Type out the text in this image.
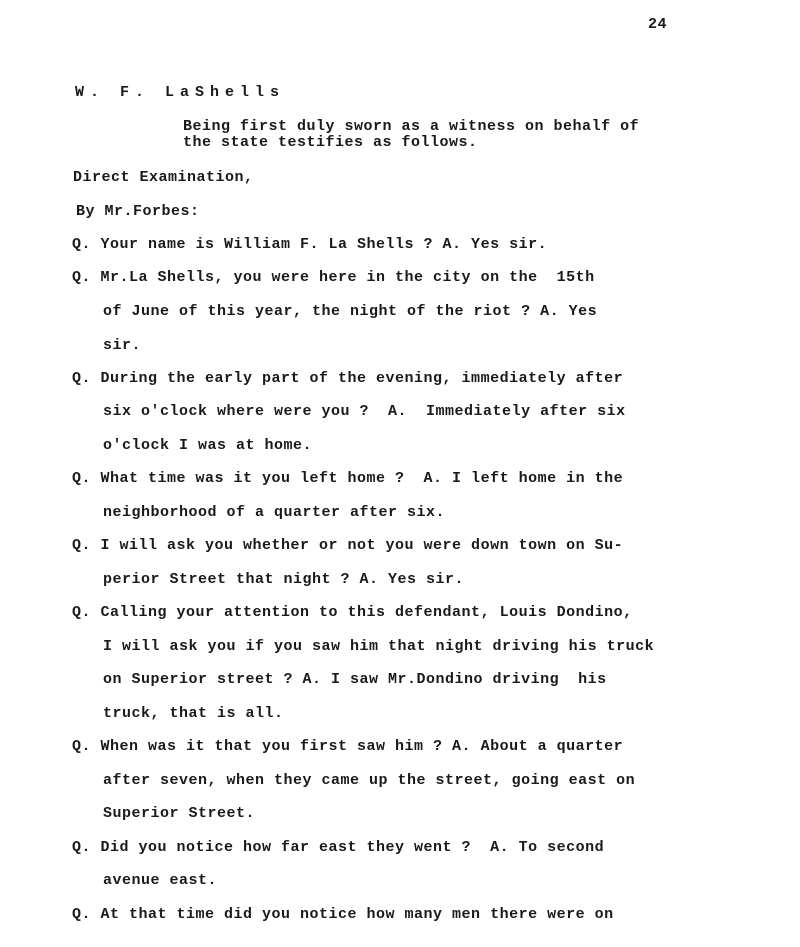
24
W. F. LaShells
Being first duly sworn as a witness on behalf of
the state testifies as follows.
Direct Examination,
By Mr.Forbes:
Q. Your name is William F. La Shells ? A. Yes sir.
Q. Mr.La Shells, you were here in the city on the  15th
of June of this year, the night of the riot ? A. Yes
sir.
Q. During the early part of the evening, immediately after
six o'clock where were you ?  A.  Immediately after six
o'clock I was at home.
Q. What time was it you left home ?  A. I left home in the
neighborhood of a quarter after six.
Q. I will ask you whether or not you were down town on Su-
perior Street that night ? A. Yes sir.
Q. Calling your attention to this defendant, Louis Dondino,
I will ask you if you saw him that night driving his truck
on Superior street ? A. I saw Mr.Dondino driving  his
truck, that is all.
Q. When was it that you first saw him ? A. About a quarter
after seven, when they came up the street, going east on
Superior Street.
Q. Did you notice how far east they went ?  A. To second
avenue east.
Q. At that time did you notice how many men there were on
